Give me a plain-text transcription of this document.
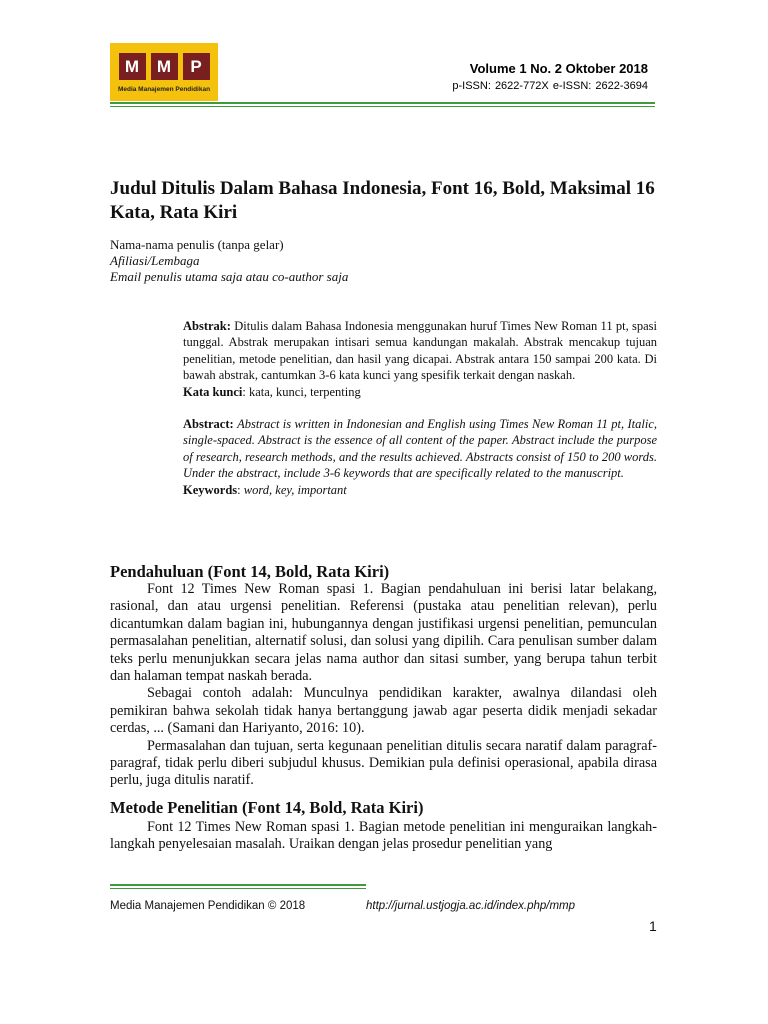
M	M	P
Media Manajemen Pendidikan
Volume 1 No. 2 Oktober 2018
p-ISSN: 2622-772X e-ISSN: 2622-3694
Judul Ditulis Dalam Bahasa Indonesia, Font 16, Bold, Maksimal 16 Kata, Rata Kiri
Nama-nama penulis (tanpa gelar)
Afiliasi/Lembaga
Email penulis utama saja atau co-author saja

Abstrak: Ditulis dalam Bahasa Indonesia menggunakan huruf Times New Roman 11 pt, spasi tunggal. Abstrak merupakan intisari semua kandungan makalah. Abstrak mencakup tujuan penelitian, metode penelitian, dan hasil yang dicapai. Abstrak antara 150 sampai 200 kata. Di bawah abstrak, cantumkan 3-6 kata kunci yang spesifik terkait dengan naskah.

Kata kunci: kata, kunci, terpenting

Abstract: Abstract is written in Indonesian and English using Times New Roman 11 pt, Italic, single-spaced. Abstract is the essence of all content of the paper. Abstract include the purpose of research, research methods, and the results achieved. Abstracts consist of 150 to 200 words. Under the abstract, include 3-6 keywords that are specifically related to the manuscript.

Keywords: word, key, important

Pendahuluan (Font 14, Bold, Rata Kiri)

Font 12 Times New Roman spasi 1. Bagian pendahuluan ini berisi latar belakang, rasional, dan atau urgensi penelitian. Referensi (pustaka atau penelitian relevan), perlu dicantumkan dalam bagian ini, hubungannya dengan justifikasi urgensi penelitian, pemunculan permasalahan penelitian, alternatif solusi, dan solusi yang dipilih. Cara penulisan sumber dalam teks perlu menunjukkan secara jelas nama author dan sitasi sumber, yang berupa tahun terbit dan halaman tempat naskah berada.

Sebagai contoh adalah: Munculnya pendidikan karakter, awalnya dilandasi oleh pemikiran bahwa sekolah tidak hanya bertanggung jawab agar peserta didik menjadi sekadar cerdas, ... (Samani dan Hariyanto, 2016: 10).

Permasalahan dan tujuan, serta kegunaan penelitian ditulis secara naratif dalam paragraf-paragraf, tidak perlu diberi subjudul khusus. Demikian pula definisi operasional, apabila dirasa perlu, juga ditulis naratif.

Metode Penelitian (Font 14, Bold, Rata Kiri)

Font 12 Times New Roman spasi 1. Bagian metode penelitian ini menguraikan langkah-langkah penyelesaian masalah. Uraikan dengan jelas prosedur penelitian yang

Media Manajemen Pendidikan © 2018	http://jurnal.ustjogja.ac.id/index.php/mmp
1
